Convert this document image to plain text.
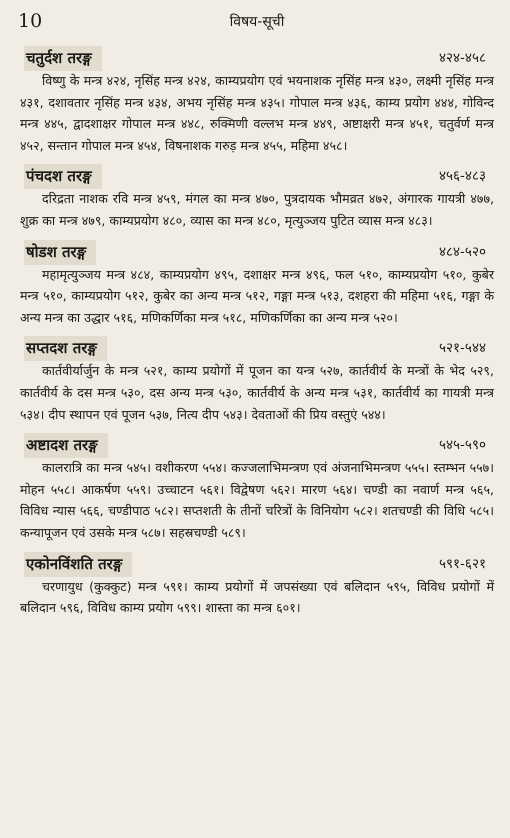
10	विषय-सूची
चतुर्दश तरङ्ग	४२४-४५८

विष्णु के मन्त्र ४२४, नृसिंह मन्त्र ४२४, काम्यप्रयोग एवं भयनाशक नृसिंह मन्त्र ४३०, लक्ष्मी नृसिंह मन्त्र ४३१, दशावतार नृसिंह मन्त्र ४३४, अभय नृसिंह मन्त्र ४३५। गोपाल मन्त्र ४३६, काम्य प्रयोग ४४४, गोविन्द मन्त्र ४४५, द्वादशाक्षर गोपाल मन्त्र ४४८, रुक्मिणी वल्लभ मन्त्र ४४९, अष्टाक्षरी मन्त्र ४५१, चतुर्वर्ण मन्त्र ४५२, सन्तान गोपाल मन्त्र ४५४, विषनाशक गरुड़ मन्त्र ४५५, महिमा ४५८।

पंचदश तरङ्ग	४५६-४८३

दरिद्रता नाशक रवि मन्त्र ४५९, मंगल का मन्त्र ४७०, पुत्रदायक भौमव्रत ४७२, अंगारक गायत्री ४७७, शुक्र का मन्त्र ४७९, काम्यप्रयोग ४८०, व्यास का मन्त्र ४८०, मृत्युञ्जय पुटित व्यास मन्त्र ४८३।

षोडश तरङ्ग	४८४-५२०

महामृत्युञ्जय मन्त्र ४८४, काम्यप्रयोग ४९५, दशाक्षर मन्त्र ४९६, फल ५१०, काम्यप्रयोग ५१०, कुबेर मन्त्र ५१०, काम्यप्रयोग ५१२, कुबेर का अन्य मन्त्र ५१२, गङ्गा मन्त्र ५१३, दशहरा की महिमा ५१६, गङ्गा के अन्य मन्त्र का उद्धार ५१६, मणिकर्णिका मन्त्र ५१८, मणिकर्णिका का अन्य मन्त्र ५२०।

सप्तदश तरङ्ग	५२१-५४४

कार्तवीर्यार्जुन के मन्त्र ५२१, काम्य प्रयोगों में पूजन का यन्त्र ५२७, कार्तवीर्य के मन्त्रों के भेद ५२९, कार्तवीर्य के दस मन्त्र ५३०, दस अन्य मन्त्र ५३०, कार्तवीर्य के अन्य मन्त्र ५३१, कार्तवीर्य का गायत्री मन्त्र ५३४। दीप स्थापन एवं पूजन ५३७, नित्य दीप ५४३। देवताओं की प्रिय वस्तुएं ५४४।

अष्टादश तरङ्ग	५४५-५९०

कालरात्रि का मन्त्र ५४५। वशीकरण ५५४। कज्जलाभिमन्त्रण एवं अंजनाभिमन्त्रण ५५५। स्तम्भन ५५७। मोहन ५५८। आकर्षण ५५९। उच्चाटन ५६१। विद्वेषण ५६२। मारण ५६४। चण्डी का नवार्ण मन्त्र ५६५, विविध न्यास ५६६, चण्डीपाठ ५८२। सप्तशती के तीनों चरित्रों के विनियोग ५८२। शतचण्डी की विधि ५८५। कन्यापूजन एवं उसके मन्त्र ५८७। सहस्रचण्डी ५८९।

एकोनविंशति तरङ्ग	५९१-६२१

चरणायुध (कुक्कुट) मन्त्र ५९१। काम्य प्रयोगों में जपसंख्या एवं बलिदान ५९५, विविध प्रयोगों में बलिदान ५९६, विविध काम्य प्रयोग ५९९। शास्ता का मन्त्र ६०१।
